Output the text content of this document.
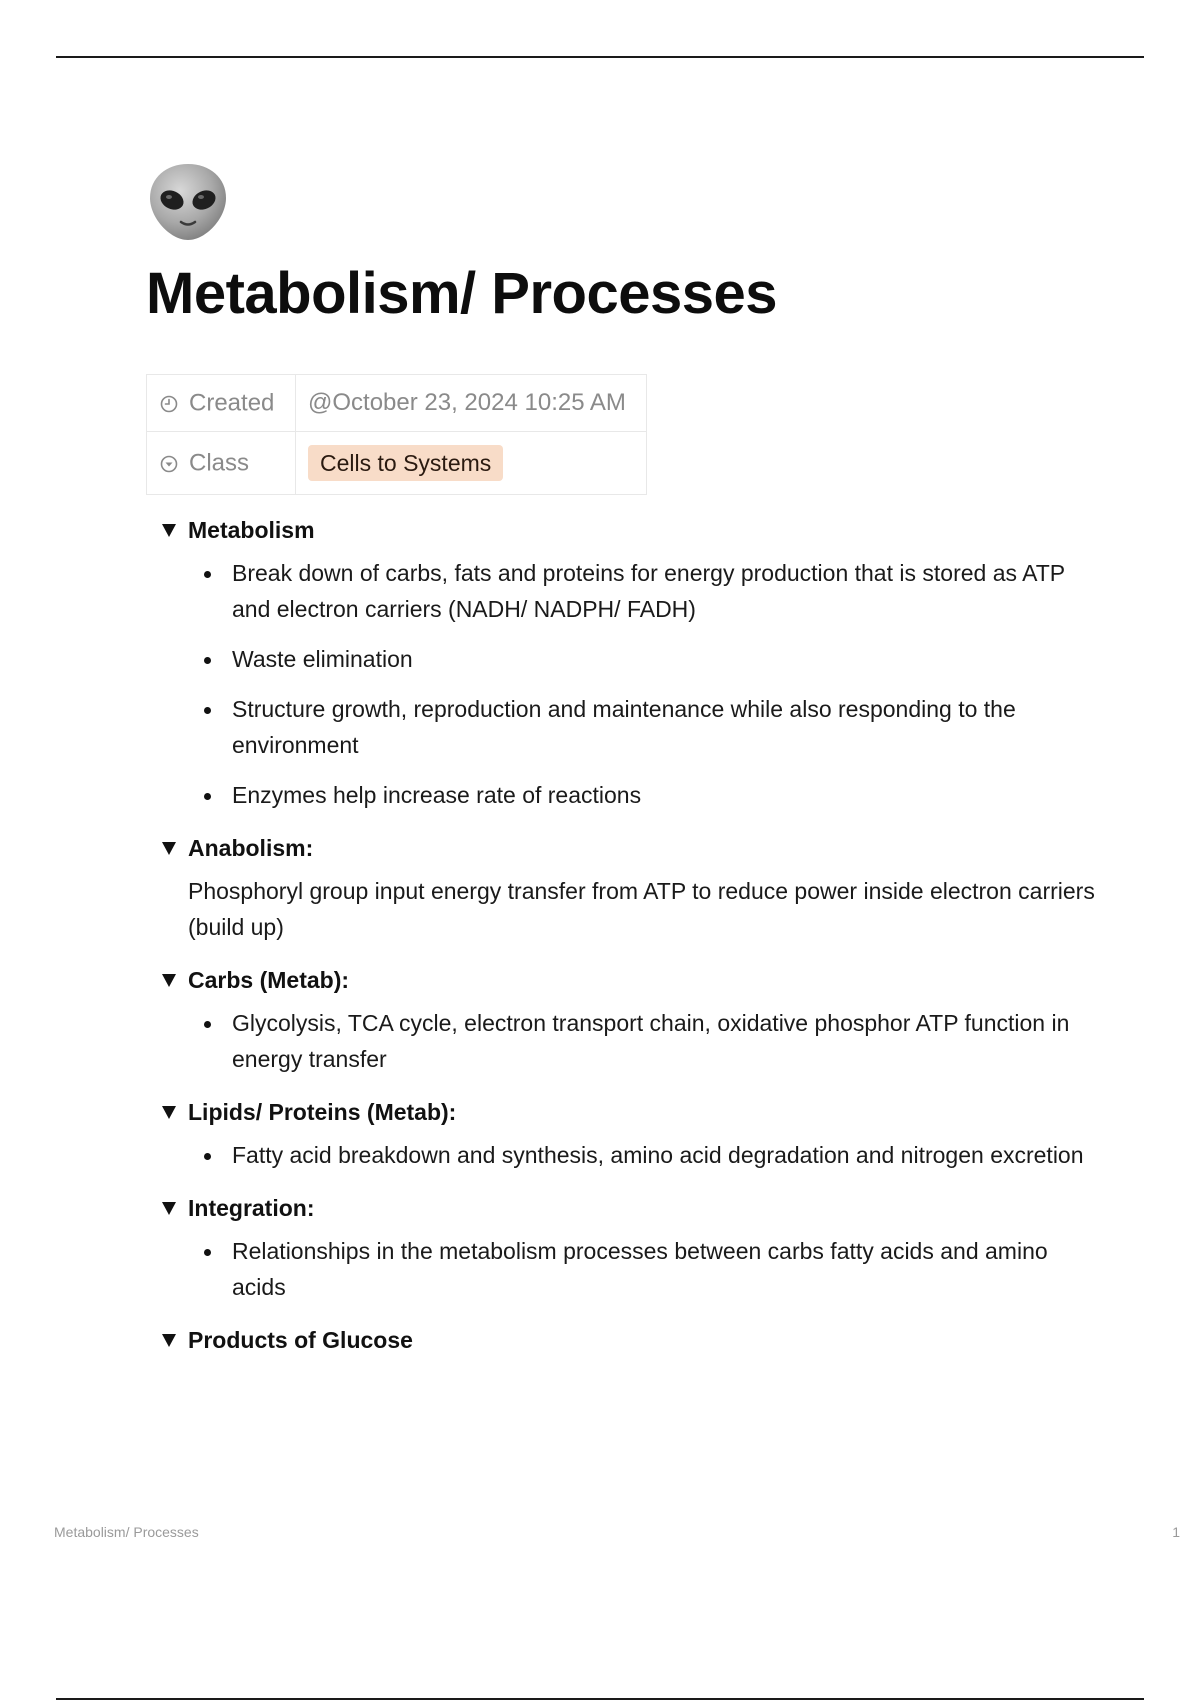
Metabolism/ Processes
Created	@October 23, 2024 10:25 AM
Class	Cells to Systems
Metabolism
Break down of carbs, fats and proteins for energy production that is stored as ATP and electron carriers (NADH/ NADPH/ FADH)
Waste elimination
Structure growth, reproduction and maintenance while also responding to the environment
Enzymes help increase rate of reactions
Anabolism:

Phosphoryl group input energy transfer from ATP to reduce power inside electron carriers (build up)

Carbs (Metab):
Glycolysis, TCA cycle, electron transport chain, oxidative phosphor ATP function in energy transfer
Lipids/ Proteins (Metab):
Fatty acid breakdown and synthesis, amino acid degradation and nitrogen excretion
Integration:
Relationships in the metabolism processes between carbs fatty acids and amino acids
Products of Glucose
Metabolism/ Processes	1
